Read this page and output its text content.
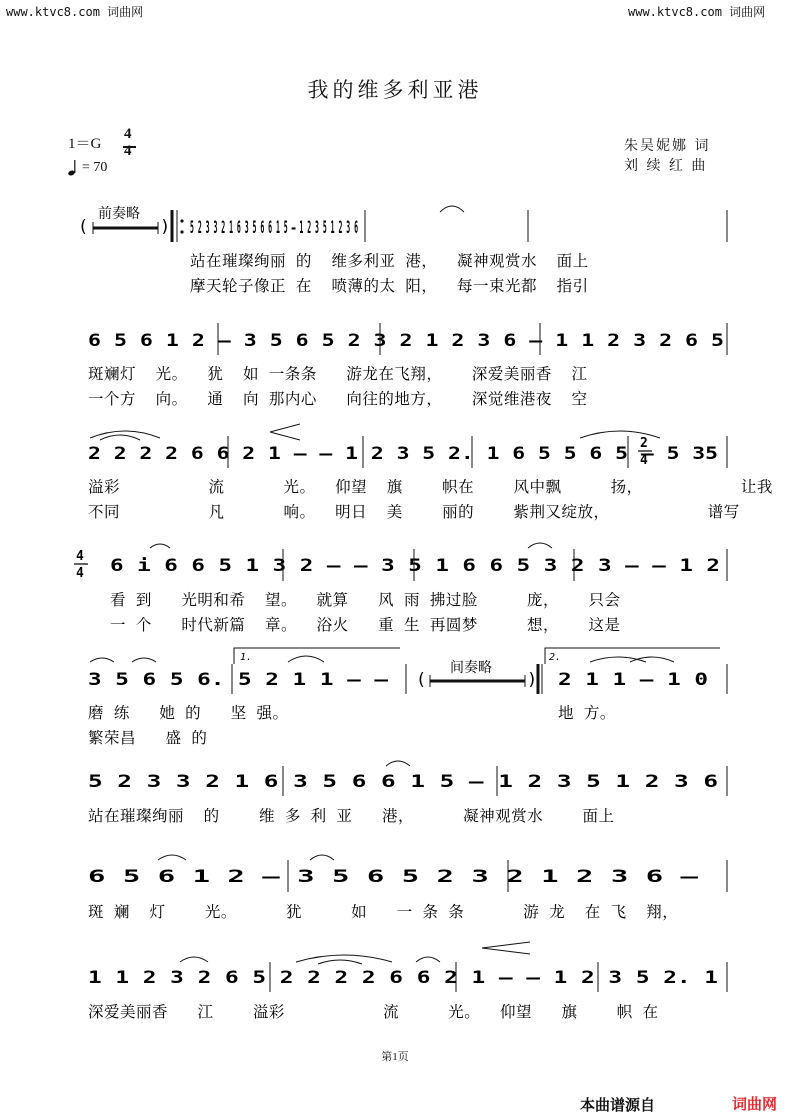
www.ktvc8.com 词曲网	www.ktvc8.com 词曲网
我的维多利亚港
1＝G
4
4
= 70
朱吴妮娜 词
刘 续 红 曲
(
前奏略
) 5 2 3 3 2 1 6 3 5 6 6 1 5 – 1 2 3 5 1 2 3 6
站在璀璨绚丽 的  维多利亚 港，  凝神观赏水  面上
摩天轮子像正 在  喷薄的太 阳，  每一束光都  指引
6 5 6 1 2 – 3 5 6 5 2 3 2 1 2 3 6 – 1 1 2 3 2 6 5
斑斓灯  光。  犹  如 一条条   游龙在飞翔，   深爱美丽香  江
一个方  向。  通  向 那内心   向往的地方，   深觉维港夜  空
2 2 2 2 6 6 2 1 – – 1 2 3 5 2. 1 6 5 5 6 5 – 5 35
2
4
溢彩         流      光。  仰望  旗    帜在    风中飘     扬，          让我
不同         凡      响。  明日  美    丽的    紫荆又绽放，          谱写
4
4 6 i 6 6 5 1 3 2 – – 3 5 1 6 6 5 3 2 3 – – 1 2
看 到   光明和希  望。  就算   风 雨 拂过脸     庞，   只会
一 个   时代新篇  章。  浴火   重 生 再圆梦     想，   这是
3 5 6 5 6. 5 2 1 1 – –
1.
(
间奏略
)
2.
2 1 1 – 1 0
磨 练   她 的   坚 强。
繁荣昌   盛 的
地 方。
5 2 3 3 2 1 6 3 5 6 6 1 5 – 1 2 3 5 1 2 3 6
站在璀璨绚丽  的    维 多 利 亚   港，     凝神观赏水    面上
6 5 6 1 2 – 3 5 6 5 2 3 2 1 2 3 6 –
斑 斓  灯    光。     犹     如   一 条 条      游 龙  在 飞  翔，
1 1 2 3 2 6 5 2 2 2 2 6 6 2 1 – – 1 2 3 5 2. 1
深爱美丽香   江    溢彩          流     光。  仰望   旗    帜 在
第1页
本曲谱源自	词曲网
